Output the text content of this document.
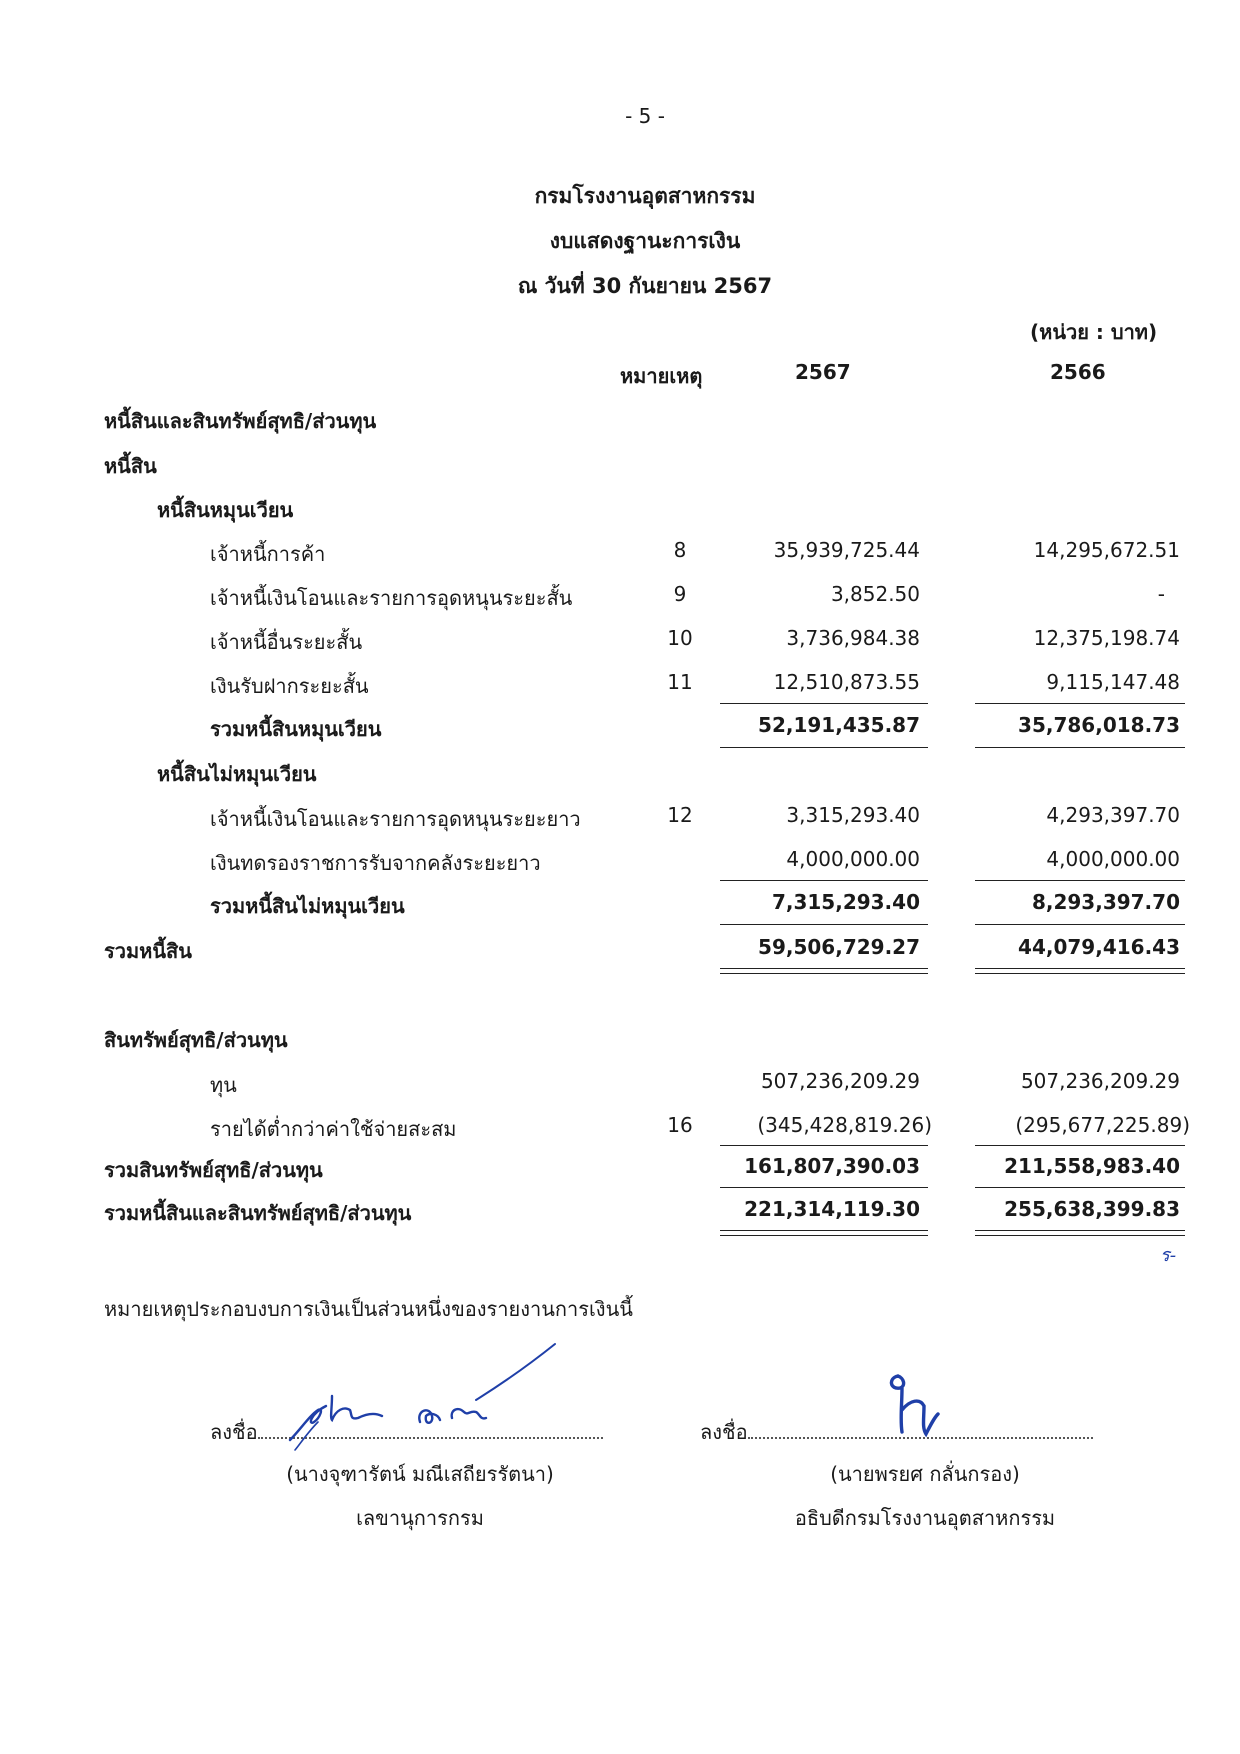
- 5 -
กรมโรงงานอุตสาหกรรม
งบแสดงฐานะการเงิน
ณ วันที่ 30 กันยายน 2567
(หน่วย : บาท)
หมายเหตุ	2567	2566
หนี้สินและสินทรัพย์สุทธิ/ส่วนทุน
หนี้สิน
หนี้สินหมุนเวียน
เจ้าหนี้การค้า	8	35,939,725.44	14,295,672.51
เจ้าหนี้เงินโอนและรายการอุดหนุนระยะสั้น	9	3,852.50	-
เจ้าหนี้อื่นระยะสั้น	10	3,736,984.38	12,375,198.74
เงินรับฝากระยะสั้น	11	12,510,873.55	9,115,147.48
รวมหนี้สินหมุนเวียน	52,191,435.87	35,786,018.73
หนี้สินไม่หมุนเวียน
เจ้าหนี้เงินโอนและรายการอุดหนุนระยะยาว	12	3,315,293.40	4,293,397.70
เงินทดรองราชการรับจากคลังระยะยาว	4,000,000.00	4,000,000.00
รวมหนี้สินไม่หมุนเวียน	7,315,293.40	8,293,397.70
รวมหนี้สิน	59,506,729.27	44,079,416.43
สินทรัพย์สุทธิ/ส่วนทุน
ทุน	507,236,209.29	507,236,209.29
รายได้ต่ำกว่าค่าใช้จ่ายสะสม	16	(345,428,819.26)	(295,677,225.89)
รวมสินทรัพย์สุทธิ/ส่วนทุน	161,807,390.03	211,558,983.40
รวมหนี้สินและสินทรัพย์สุทธิ/ส่วนทุน	221,314,119.30	255,638,399.83
ร-
หมายเหตุประกอบงบการเงินเป็นส่วนหนึ่งของรายงานการเงินนี้
ลงชื่อ
(นางจุฑารัตน์ มณีเสถียรรัตนา)
เลขานุการกรม
ลงชื่อ
(นายพรยศ กลั่นกรอง)
อธิบดีกรมโรงงานอุตสาหกรรม
